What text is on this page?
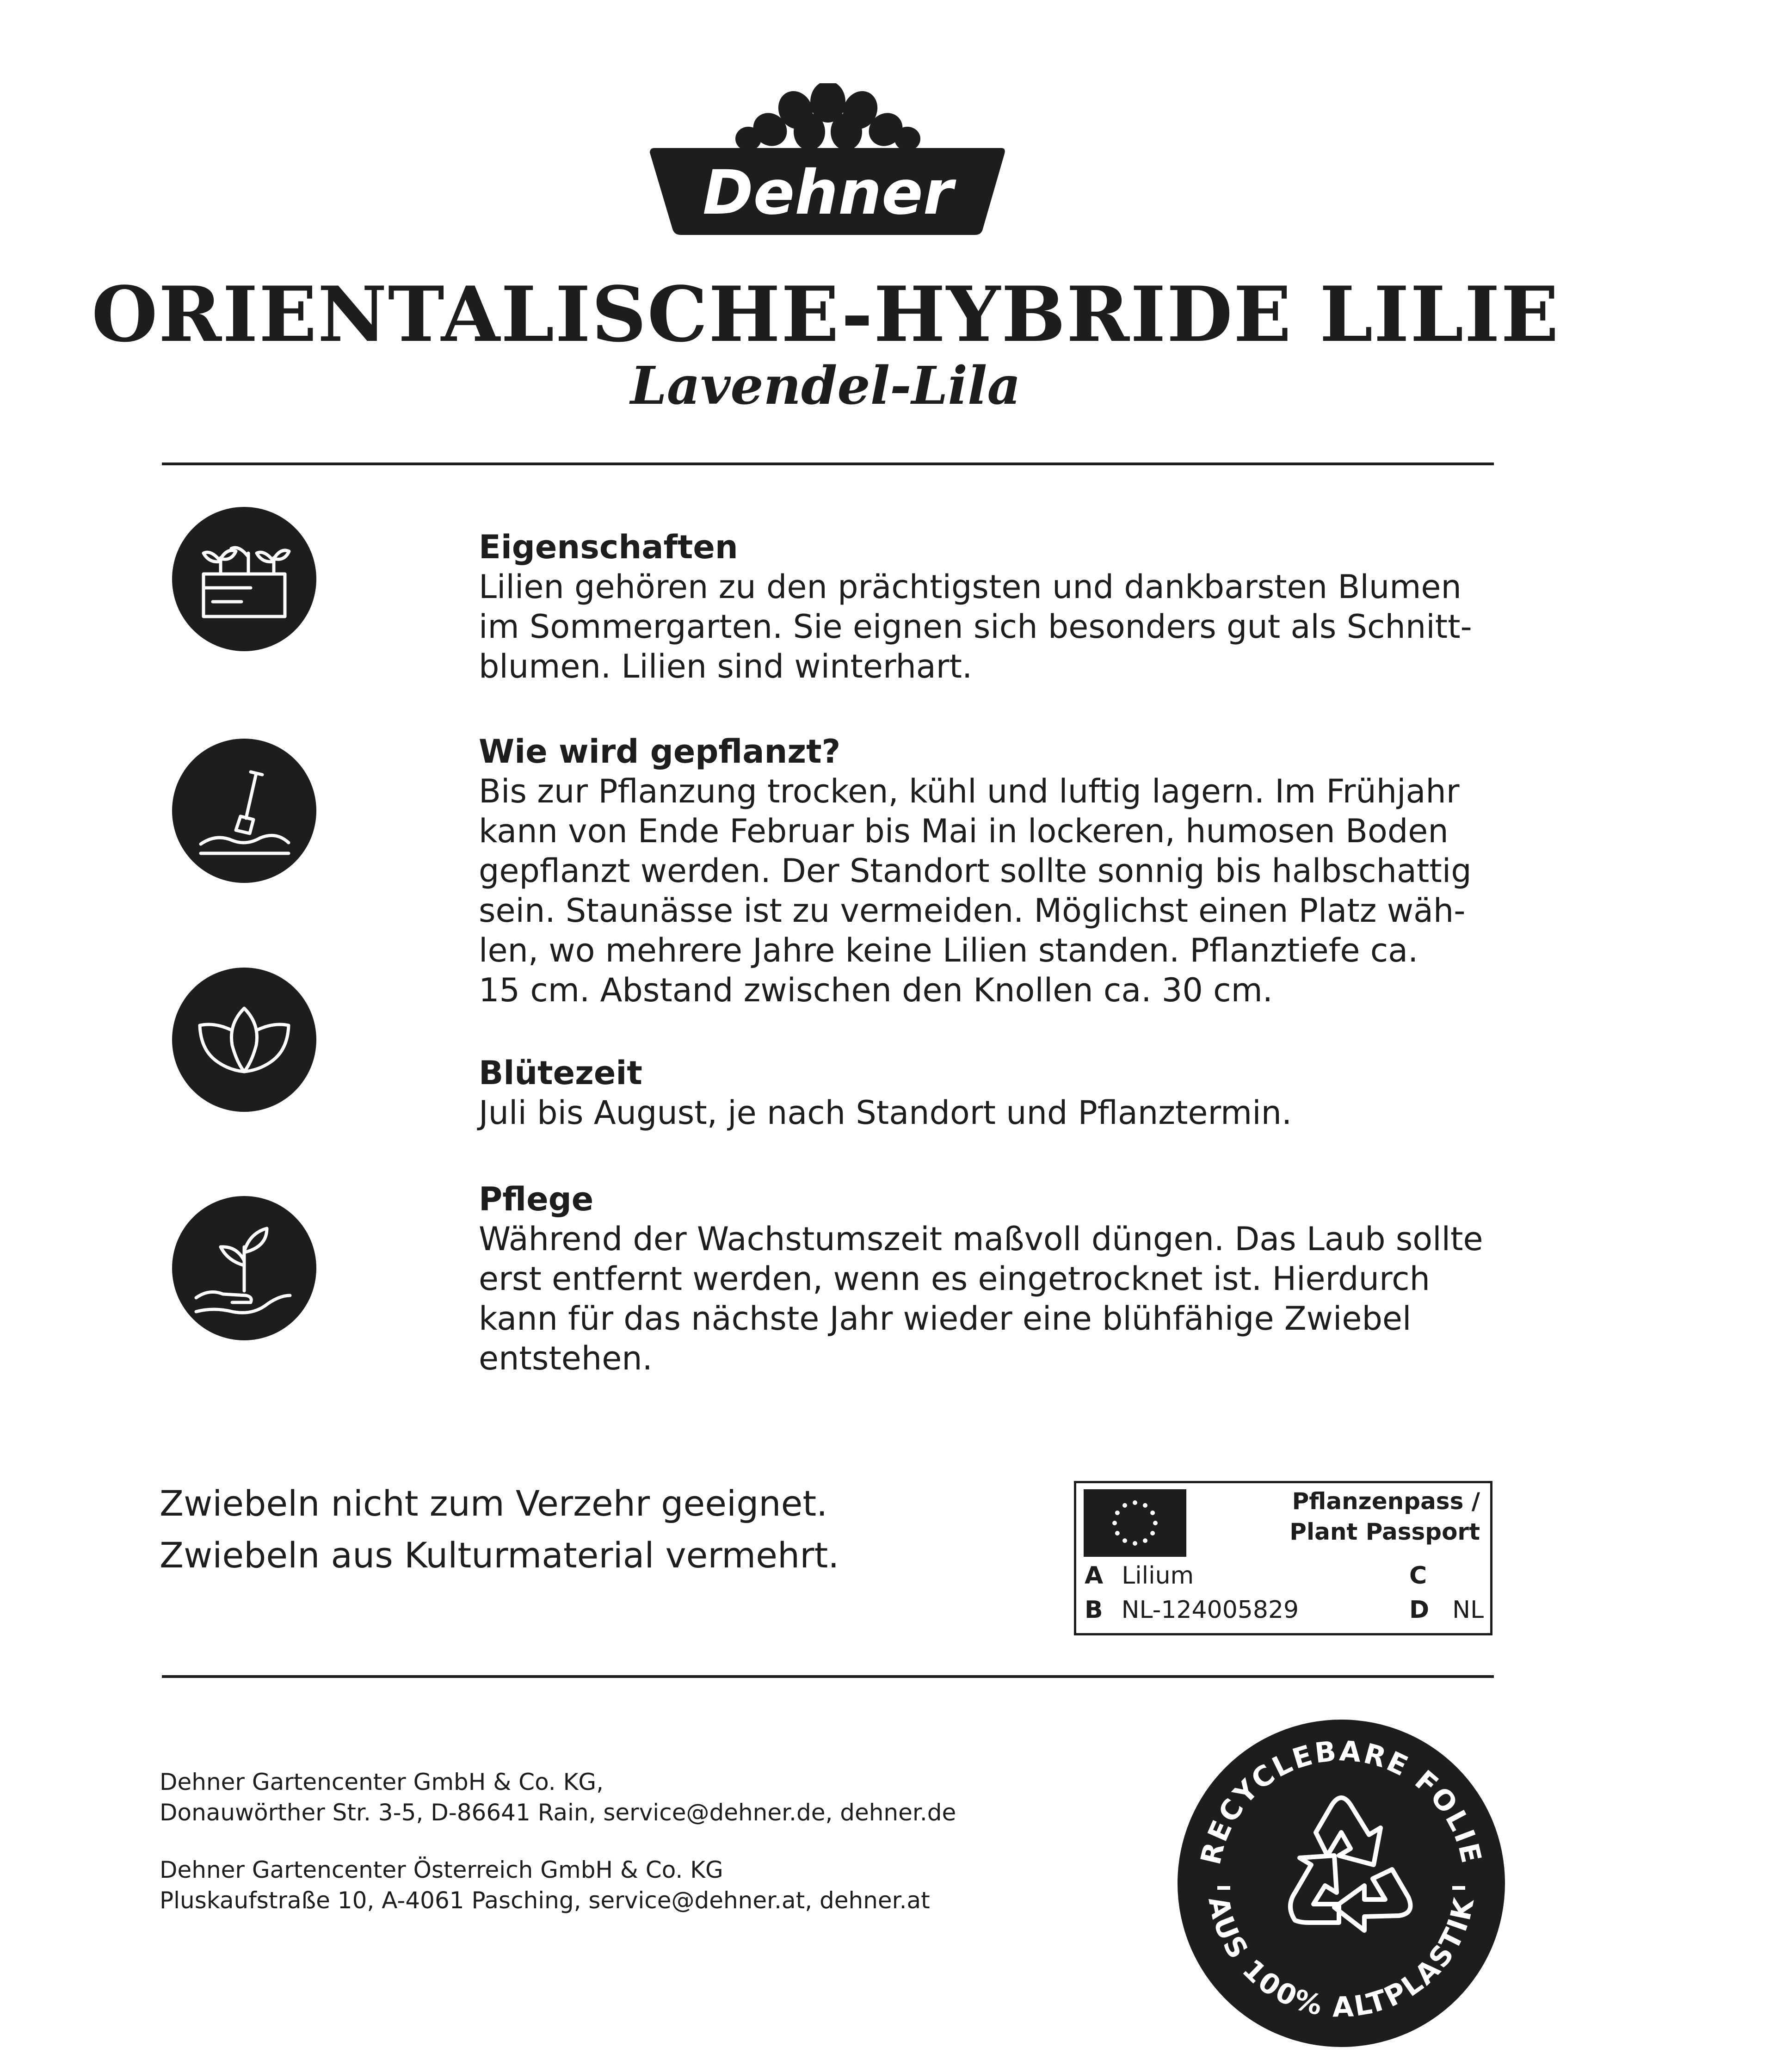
Dehner
ORIENTALISCHE-HYBRIDE LILIE
Lavendel-Lila
Eigenschaften

Lilien gehören zu den prächtigsten und dankbarsten Blumen
im Sommergarten. Sie eignen sich besonders gut als Schnitt-
blumen. Lilien sind winterhart.

Wie wird gepflanzt?

Bis zur Pflanzung trocken, kühl und luftig lagern. Im Frühjahr
kann von Ende Februar bis Mai in lockeren, humosen Boden
gepflanzt werden. Der Standort sollte sonnig bis halbschattig
sein. Staunässe ist zu vermeiden. Möglichst einen Platz wäh-
len, wo mehrere Jahre keine Lilien standen. Pflanztiefe ca.
15 cm. Abstand zwischen den Knollen ca. 30 cm.

Blütezeit

Juli bis August, je nach Standort und Pflanztermin.

Pflege

Während der Wachstumszeit maßvoll düngen. Das Laub sollte
erst entfernt werden, wenn es eingetrocknet ist. Hierdurch
kann für das nächste Jahr wieder eine blühfähige Zwiebel
entstehen.

Zwiebeln nicht zum Verzehr geeignet.
Zwiebeln aus Kulturmaterial vermehrt.
Pflanzenpass /
Plant Passport
A Lilium
B NL-124005829
C
D NL
Dehner Gartencenter GmbH & Co. KG,
Donauwörther Str. 3-5, D-86641 Rain, service@dehner.de, dehner.de
Dehner Gartencenter Österreich GmbH & Co. KG
Pluskaufstraße 10, A-4061 Pasching, service@dehner.at, dehner.at
RECYCLEBARE FOLIE
AUS 100% ALTPLASTIK
